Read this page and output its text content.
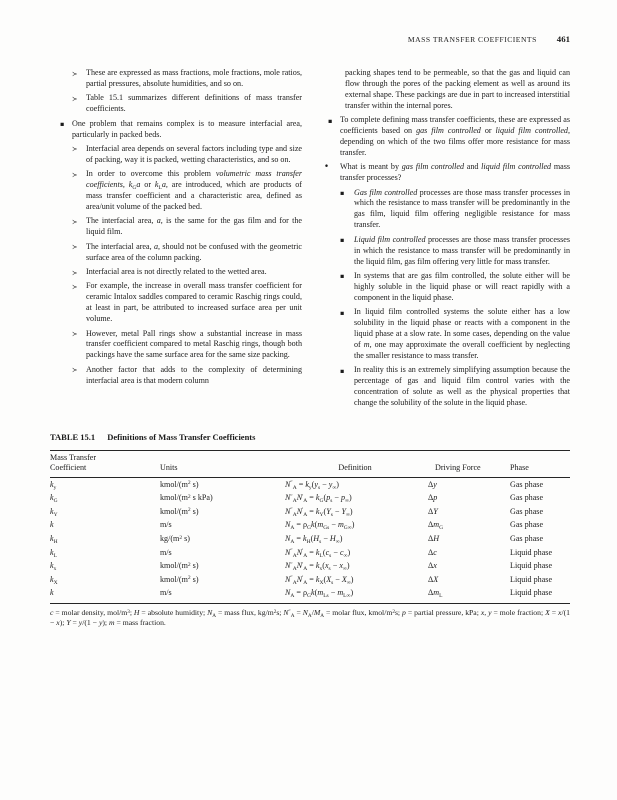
MASS TRANSFER COEFFICIENTS 461
≻ These are expressed as mass fractions, mole fractions, mole ratios, partial pressures, absolute humidities, and so on.
≻ Table 15.1 summarizes different definitions of mass transfer coefficients.
▪ One problem that remains complex is to measure interfacial area, particularly in packed beds.
≻ Interfacial area depends on several factors including type and size of packing, way it is packed, wetting characteristics, and so on.
≻ In order to overcome this problem volumetric mass transfer coefficients, $k_Ga$ or $k_La$, are introduced, which are products of mass transfer coefficient and a characteristic area, defined as area/unit volume of the packed bed.
≻ The interfacial area, a, is the same for the gas film and for the liquid film.
≻ The interfacial area, a, should not be confused with the geometric surface area of the column packing.
≻ Interfacial area is not directly related to the wetted area.
≻ For example, the increase in overall mass transfer coefficient for ceramic Intalox saddles compared to ceramic Raschig rings could, at least in part, be attributed to increased surface area per unit volume.
≻ However, metal Pall rings show a substantial increase in mass transfer coefficient compared to metal Raschig rings, though both packings have the same surface area for the same size packing.
≻ Another factor that adds to the complexity of determining interfacial area is that modern column
packing shapes tend to be permeable, so that the gas and liquid can flow through the pores of the packing element as well as around its external shape. These packings are due in part to increased interstitial transfer within the internal pores.
▪ To complete defining mass transfer coefficients, these are expressed as coefficients based on gas film controlled or liquid film controlled, depending on which of the two films offer more resistance for mass transfer.
• What is meant by gas film controlled and liquid film controlled mass transfer processes?
▪ Gas film controlled processes are those mass transfer processes in which the resistance to mass transfer will be predominantly in the gas film, liquid film offering negligible resistance for mass transfer.
▪ Liquid film controlled processes are those mass transfer processes in which the resistance to mass transfer will be predominantly in the liquid film, gas film offering very little for mass transfer.
▪ In systems that are gas film controlled, the solute either will be highly soluble in the liquid phase or will react rapidly with a component in the liquid phase.
▪ In liquid film controlled systems the solute either has a low solubility in the liquid phase or reacts with a component in the liquid phase at a slow rate. In some cases, depending on the value of m, one may approximate the overall coefficient by neglecting the smaller resistance to mass transfer.
▪ In reality this is an extremely simplifying assumption because the percentage of gas and liquid film control varies with the concentration of solute as well as the physical properties that change the solubility of the solute in the liquid phase.
TABLE 15.1 Definitions of Mass Transfer Coefficients
Mass Transfer
Coefficient	Units	Definition	Driving Force	Phase
$k_y$	kmol/($m^2$ s)	$N''_A = k_y(y_s - y_\infty)$	Δy	Gas phase
$k_G$	kmol/($m^2$ s kPa)	$N''_AN'_A = k_G(p_s - p_\infty)$	Δp	Gas phase
$k_Y$	kmol/($m^2$ s)	$N''_AN'_A = k_Y(Y_s - Y_\infty)$	ΔY	Gas phase
k	m/s	$N_A = \rho_Gk(m_{Gs} - m_{G\infty})$	$\Delta m_G$	Gas phase
$k_H$	$kg/(m^2$ s)	$N_A = k_H(H_s - H_\infty)$	ΔH	Gas phase
$k_L$	m/s	$N''_AN'_A = k_L(c_s - c_\infty)$	Δc	Liquid phase
$k_x$	kmol/($m^2$ s)	$N''_AN'_A = k_x(x_s - x_\infty)$	Δx	Liquid phase
$k_X$	kmol/($m^2$ s)	$N''_AN'_A = k_X(X_s - X_\infty)$	ΔX	Liquid phase
k	m/s	$N_A = \rho_Gk(m_{Ls} - m_{L\infty})$	$\Delta m_L$	Liquid phase
c = molar density, mol/$m^3$; H = absolute humidity; $N_A$ = mass flux, $kg/m^2s$; $N''_A = N_A/M_A$ = molar flux, kmol/$m^2s$; p = partial pressure, kPa; x, y = mole fraction; X = x/(1 − x); Y = y/(1 − y); m = mass fraction.
